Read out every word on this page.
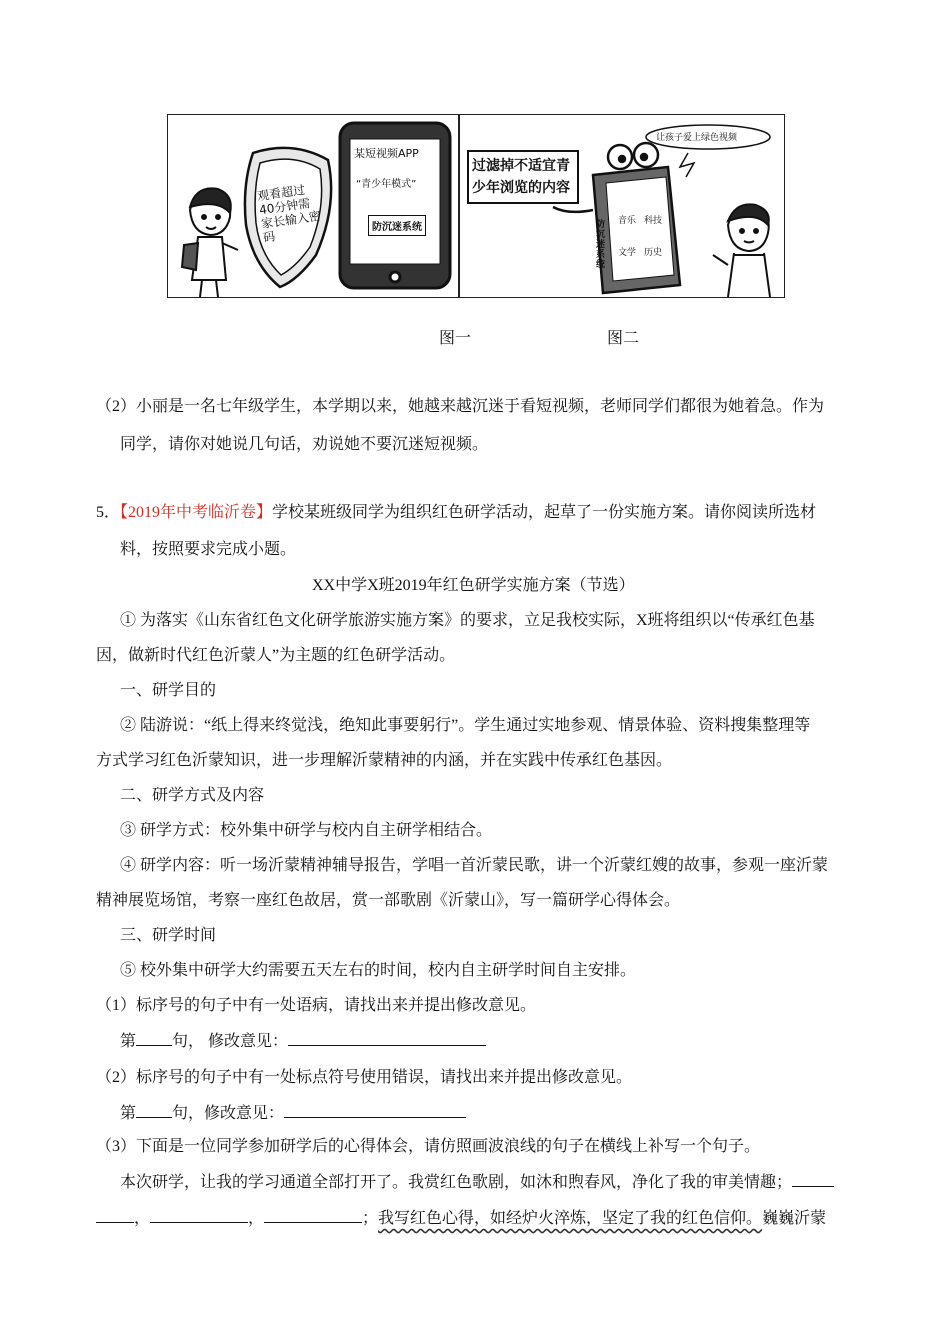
观看超过40分钟需家长输入密码
某短视频APP
“青少年模式”
防沉迷系统
过滤掉不适宜青少年浏览的内容
让孩子爱上绿色视频
防沉迷系统
音乐 科技
文学 历史
图一	图二
（2）小丽是一名七年级学生，本学期以来，她越来越沉迷于看短视频，老师同学们都很为她着急。作为
同学，请你对她说几句话，劝说她不要沉迷短视频。
5．【2019年中考临沂卷】学校某班级同学为组织红色研学活动，起草了一份实施方案。请你阅读所选材
料，按照要求完成小题。
XX中学X班2019年红色研学实施方案（节选）
① 为落实《山东省红色文化研学旅游实施方案》的要求，立足我校实际，X班将组织以“传承红色基
因，做新时代红色沂蒙人”为主题的红色研学活动。
一、研学目的
② 陆游说：“纸上得来终觉浅，绝知此事要躬行”。学生通过实地参观、情景体验、资料搜集整理等
方式学习红色沂蒙知识，进一步理解沂蒙精神的内涵，并在实践中传承红色基因。
二、研学方式及内容
③ 研学方式：校外集中研学与校内自主研学相结合。
④ 研学内容：听一场沂蒙精神辅导报告，学唱一首沂蒙民歌，讲一个沂蒙红嫂的故事，参观一座沂蒙
精神展览场馆，考察一座红色故居，赏一部歌剧《沂蒙山》，写一篇研学心得体会。
三、研学时间
⑤ 校外集中研学大约需要五天左右的时间，校内自主研学时间自主安排。
（1）标序号的句子中有一处语病，请找出来并提出修改意见。
第 句， 修改意见：
（2）标序号的句子中有一处标点符号使用错误，请找出来并提出修改意见。
第 句，修改意见：
（3）下面是一位同学参加研学后的心得体会，请仿照画波浪线的句子在横线上补写一个句子。
本次研学，让我的学习通道全部打开了。我赏红色歌剧，如沐和煦春风，净化了我的审美情趣；
，	，	；我写红色心得，如经炉火淬炼，坚定了我的红色信仰。巍巍沂蒙
